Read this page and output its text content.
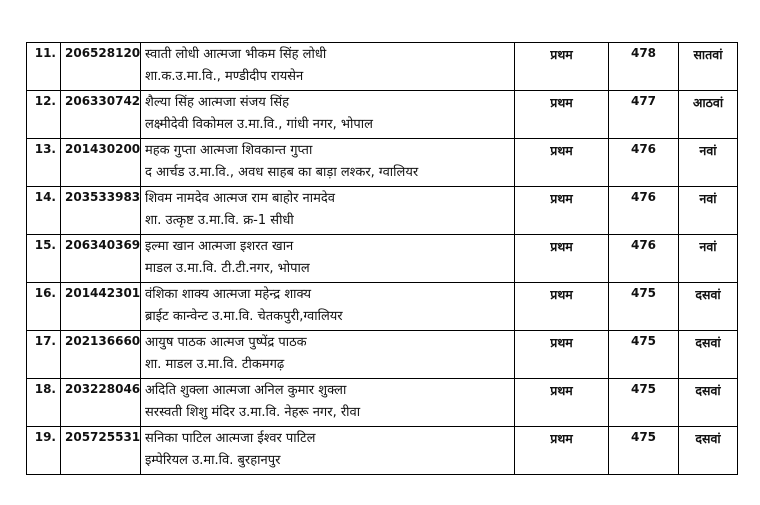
11.	206528120	स्वाती लोधी आत्मजा भीकम सिंह लोधी
शा.क.उ.मा.वि., मण्डीदीप रायसेन	प्रथम	478	सातवां
12.	206330742	शैल्या सिंह आत्मजा संजय सिंह
लक्ष्मीदेवी विकोमल उ.मा.वि., गांधी नगर, भोपाल	प्रथम	477	आठवां
13.	201430200	महक गुप्ता आत्मजा शिवकान्त गुप्ता
द आर्चड उ.मा.वि., अवध साहब का बाड़ा लश्कर, ग्वालियर	प्रथम	476	नवां
14.	203533983	शिवम नामदेव आत्मज राम बाहोर नामदेव
शा. उत्कृष्ट उ.मा.वि. क्र-1 सीधी	प्रथम	476	नवां
15.	206340369	इल्मा खान आत्मजा इशरत खान
माडल उ.मा.वि. टी.टी.नगर, भोपाल	प्रथम	476	नवां
16.	201442301	वंशिका शाक्य आत्मजा महेन्द्र शाक्य
ब्राईट कान्वेन्ट उ.मा.वि. चेतकपुरी,ग्वालियर	प्रथम	475	दसवां
17.	202136660	आयुष पाठक आत्मज पुष्पेंद्र पाठक
शा. माडल उ.मा.वि. टीकमगढ़	प्रथम	475	दसवां
18.	203228046	अदिति शुक्ला आत्मजा अनिल कुमार शुक्ला
सरस्वती शिशु मंदिर उ.मा.वि. नेहरू नगर, रीवा	प्रथम	475	दसवां
19.	205725531	सनिका पाटिल आत्मजा ईश्वर पाटिल
इम्पेरियल उ.मा.वि. बुरहानपुर	प्रथम	475	दसवां
